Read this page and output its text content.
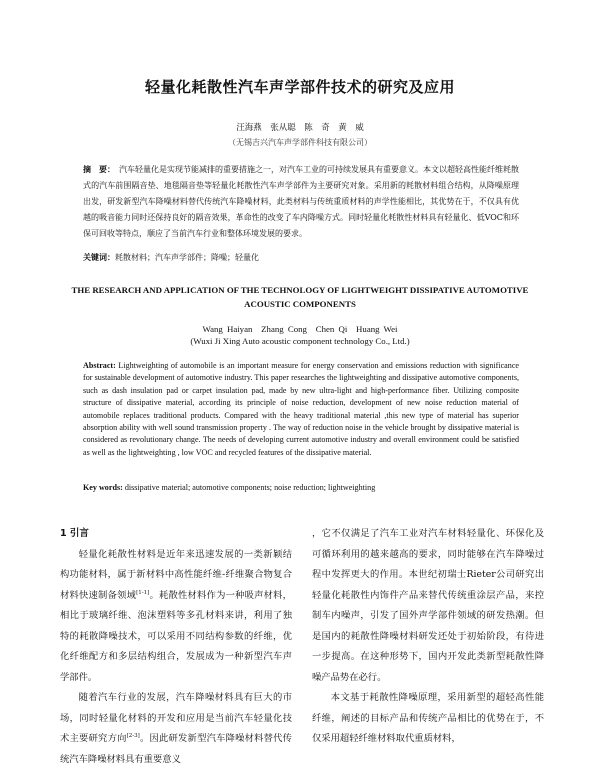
轻量化耗散性汽车声学部件技术的研究及应用
汪海燕　张从聪　陈　奇　黄　威
（无锡吉兴汽车声学部件科技有限公司）
摘　要： 汽车轻量化是实现节能减排的重要措施之一，对汽车工业的可持续发展具有重要意义。本文以超轻高性能纤维耗散式的汽车前围隔音垫、地毯隔音垫等轻量化耗散性汽车声学部件为主要研究对象。采用新的耗散材料组合结构，从降噪原理出发，研发新型汽车降噪材料替代传统汽车降噪材料，此类材料与传统重质材料的声学性能相比，其优势在于，不仅具有优越的吸音能力同时还保持良好的隔音效果，革命性的改变了车内降噪方式。同时轻量化耗散性材料具有轻量化、低VOC和环保可回收等特点，顺应了当前汽车行业和整体环境发展的要求。
关键词：耗散材料；汽车声学部件；降噪；轻量化
THE RESEARCH AND APPLICATION OF THE TECHNOLOGY OF LIGHTWEIGHT DISSIPATIVE AUTOMOTIVE ACOUSTIC COMPONENTS
Wang Haiyan　Zhang Cong　Chen Qi　Huang Wei
(Wuxi Ji Xing Auto acoustic component technology Co., Ltd.)
Abstract: Lightweighting of automobile is an important measure for energy conservation and emissions reduction with significance for sustainable development of automotive industry. This paper researches the lightweighting and dissipative automotive components, such as dash insulation pad or carpet insulation pad, made by new ultra-light and high-performance fiber. Utilizing composite structure of dissipative material, according its principle of noise reduction, development of new noise reduction material of automobile replaces traditional products. Compared with the heavy traditional material ,this new type of material has superior absorption ability with well sound transmission property . The way of reduction noise in the vehicle brought by dissipative material is considered as revolutionary change. The needs of developing current automotive industry and overall environment could be satisfied as well as the lightweighting , low VOC and recycled features of the dissipative material.
Key words: dissipative material; automotive components; noise reduction; lightweighting
1 引言
轻量化耗散性材料是近年来迅速发展的一类新颖结构功能材料，属于新材料中高性能纤维-纤维聚合物复合材料快速制备领域[1-1]。耗散性材料作为一种吸声材料，相比于玻璃纤维、泡沫塑料等多孔材料来讲，利用了独特的耗散降噪技术，可以采用不同结构参数的纤维，优化纤维配方和多层结构组合，发展成为一种新型汽车声学部件。
随着汽车行业的发展，汽车降噪材料具有巨大的市场，同时轻量化材料的开发和应用是当前汽车轻量化技术主要研究方向[2-3]。因此研发新型汽车降噪材料替代传统汽车降噪材料具有重要意义
，它不仅满足了汽车工业对汽车材料轻量化、环保化及可循环利用的越来越高的要求，同时能够在汽车降噪过程中发挥更大的作用。本世纪初瑞士Rieter公司研究出轻量化耗散性内饰件产品来替代传统重涂层产品，来控制车内噪声，引发了国外声学部件领域的研发热潮。但是国内的耗散性降噪材料研发还处于初始阶段，有待进一步提高。在这种形势下，国内开发此类新型耗散性降噪产品势在必行。
本文基于耗散性降噪原理，采用新型的超轻高性能纤维，阐述的目标产品和传统产品相比的优势在于，不仅采用超轻纤维材料取代重质材料，
